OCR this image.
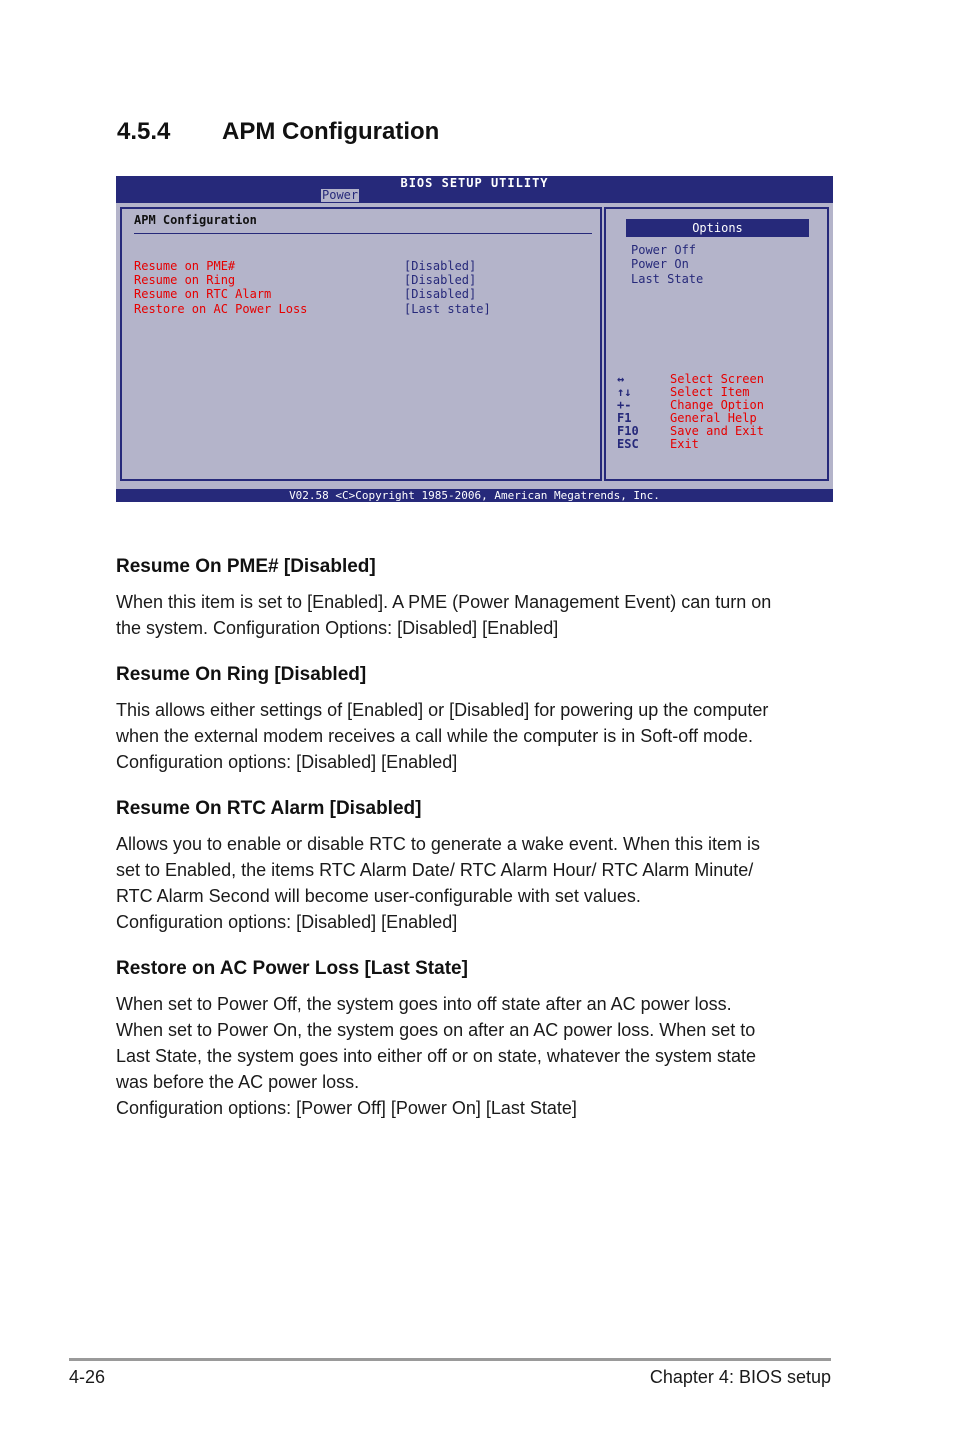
4.5.4 APM Configuration
BIOS SETUP UTILITY
Power
APM Configuration
Resume on PME#	[Disabled]
Resume on Ring	[Disabled]
Resume on RTC Alarm	[Disabled]
Restore on AC Power Loss	[Last state]
Options
Power Off
Power On
Last State
↔	Select Screen
↑↓	Select Item
+-	Change Option
F1	General Help
F10	Save and Exit
ESC	Exit
V02.58 <C>Copyright 1985-2006, American Megatrends, Inc.
Resume On PME# [Disabled]
When this item is set to [Enabled]. A PME (Power Management Event) can turn on
the system. Configuration Options: [Disabled] [Enabled]
Resume On Ring [Disabled]
This allows either settings of [Enabled] or [Disabled] for powering up the computer
when the external modem receives a call while the computer is in Soft-off mode.
Configuration options: [Disabled] [Enabled]
Resume On RTC Alarm [Disabled]
Allows you to enable or disable RTC to generate a wake event. When this item is
set to Enabled, the items RTC Alarm Date/ RTC Alarm Hour/ RTC Alarm Minute/
RTC Alarm Second will become user-configurable with set values.
Configuration options: [Disabled] [Enabled]
Restore on AC Power Loss [Last State]
When set to Power Off, the system goes into off state after an AC power loss.
When set to Power On, the system goes on after an AC power loss. When set to
Last State, the system goes into either off or on state, whatever the system state
was before the AC power loss.
Configuration options: [Power Off] [Power On] [Last State]
4-26	Chapter 4: BIOS setup
